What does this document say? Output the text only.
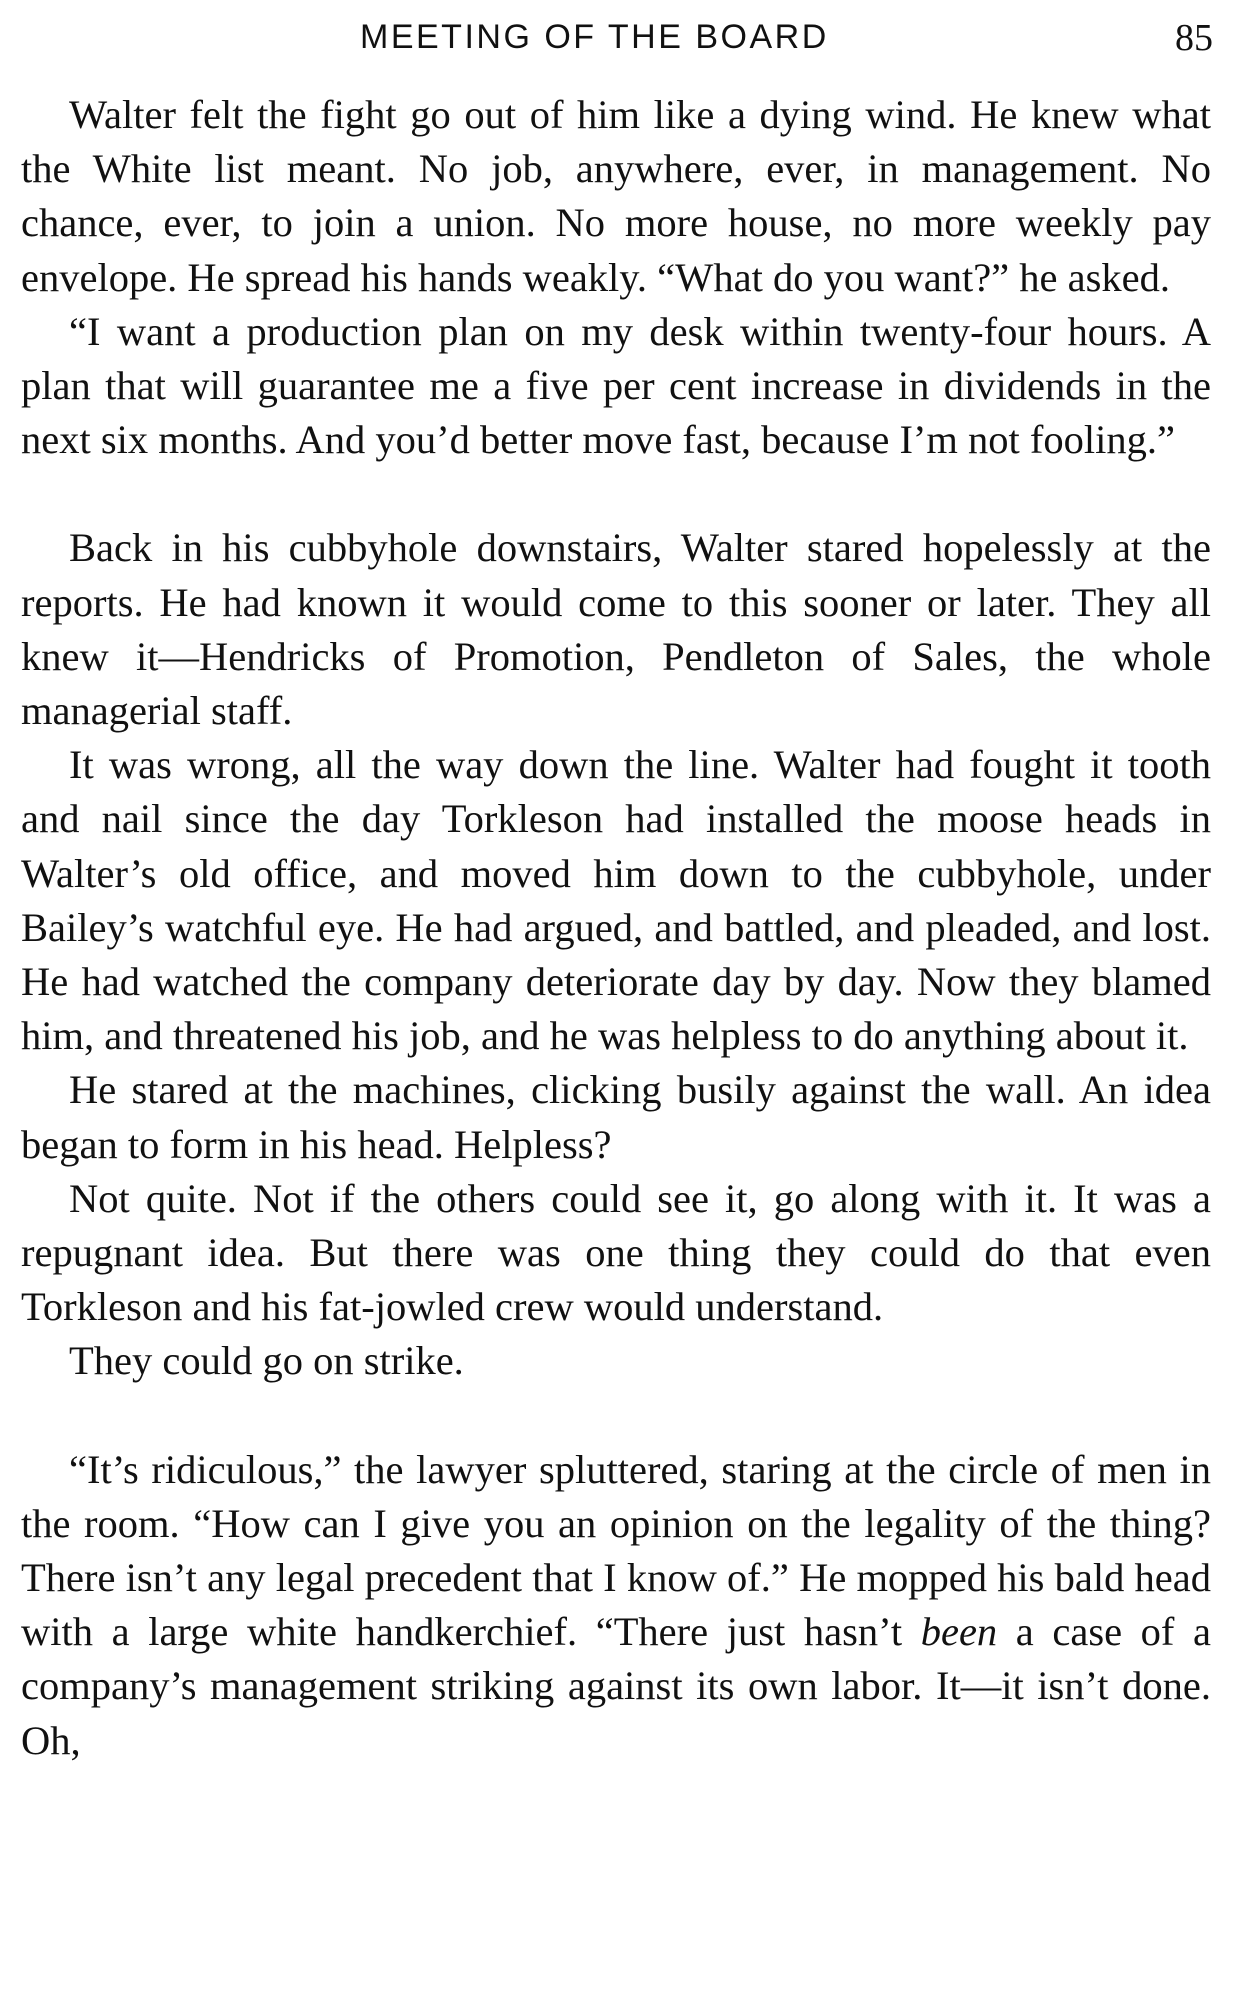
MEETING OF THE BOARD	85

Walter felt the fight go out of him like a dying wind. He knew what the White list meant. No job, anywhere, ever, in management. No chance, ever, to join a union. No more house, no more weekly pay envelope. He spread his hands weakly. “What do you want?” he asked.

“I want a production plan on my desk within twenty-four hours. A plan that will guarantee me a five per cent increase in dividends in the next six months. And you’d better move fast, because I’m not fooling.”

Back in his cubbyhole downstairs, Walter stared hopelessly at the reports. He had known it would come to this sooner or later. They all knew it—Hendricks of Promotion, Pendleton of Sales, the whole managerial staff.

It was wrong, all the way down the line. Walter had fought it tooth and nail since the day Torkleson had installed the moose heads in Walter’s old office, and moved him down to the cubbyhole, under Bailey’s watchful eye. He had argued, and battled, and pleaded, and lost. He had watched the company deteriorate day by day. Now they blamed him, and threatened his job, and he was helpless to do anything about it.

He stared at the machines, clicking busily against the wall. An idea began to form in his head. Helpless?

Not quite. Not if the others could see it, go along with it. It was a repugnant idea. But there was one thing they could do that even Torkleson and his fat-jowled crew would understand.

They could go on strike.

“It’s ridiculous,” the lawyer spluttered, staring at the circle of men in the room. “How can I give you an opinion on the legality of the thing? There isn’t any legal precedent that I know of.” He mopped his bald head with a large white handkerchief. “There just hasn’t been a case of a company’s management striking against its own labor. It—it isn’t done. Oh,
